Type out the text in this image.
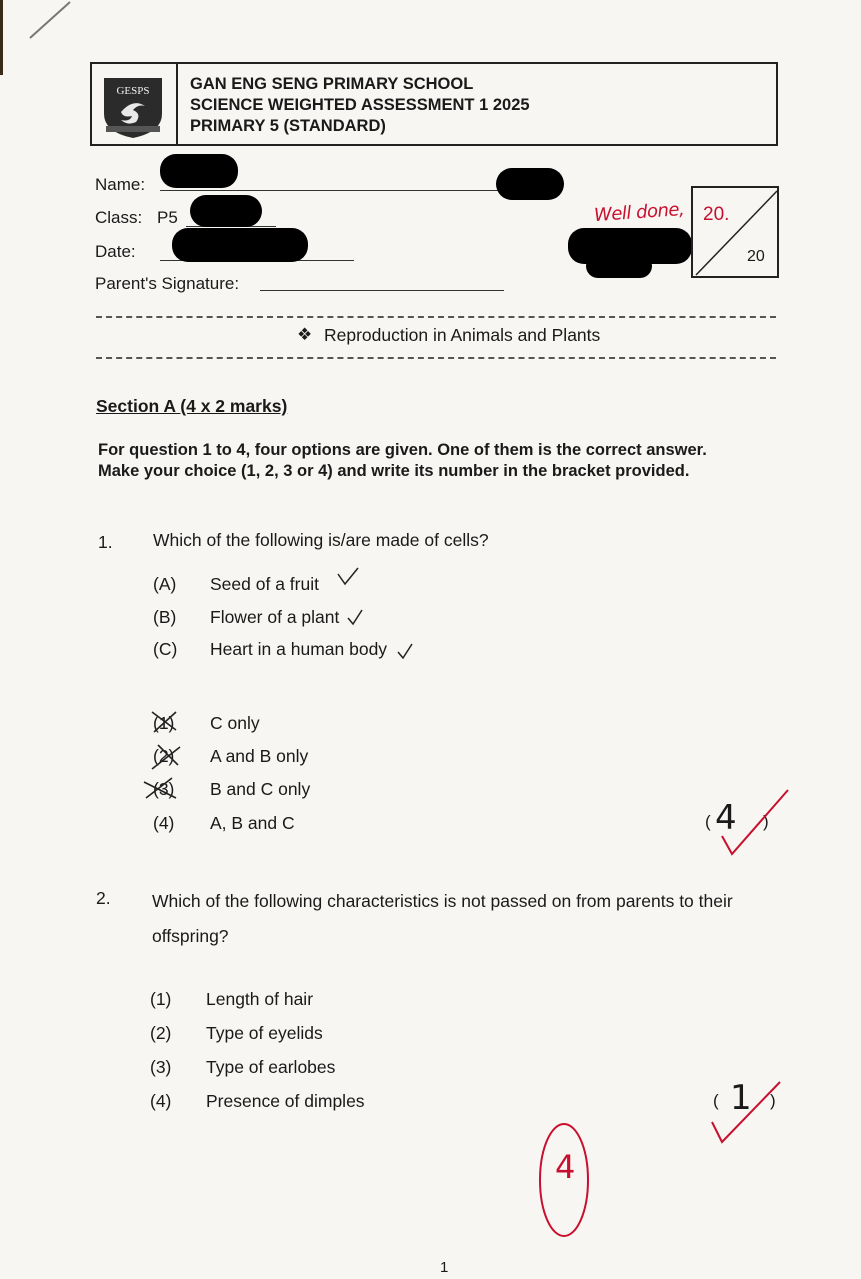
GESPS GAN ENG SENG PRIMARY SCHOOL
SCIENCE WEIGHTED ASSESSMENT 1 2025
PRIMARY 5 (STANDARD)
Name:
Class: P5
Date:
Parent's Signature:
Well done, 20.
20
❖ Reproduction in Animals and Plants
Section A (4 x 2 marks)
For question 1 to 4, four options are given. One of them is the correct answer.
Make your choice (1, 2, 3 or 4) and write its number in the bracket provided.
1. Which of the following is/are made of cells?
(A) Seed of a fruit
(B) Flower of a plant
(C) Heart in a human body
(1) C only
(2) A and B only
(3) B and C only
(4) A, B and C	( 4 )
2. Which of the following characteristics is not passed on from parents to their
offspring?
(1) Length of hair
(2) Type of eyelids
(3) Type of earlobes
(4) Presence of dimples	( 1 )
4
1
